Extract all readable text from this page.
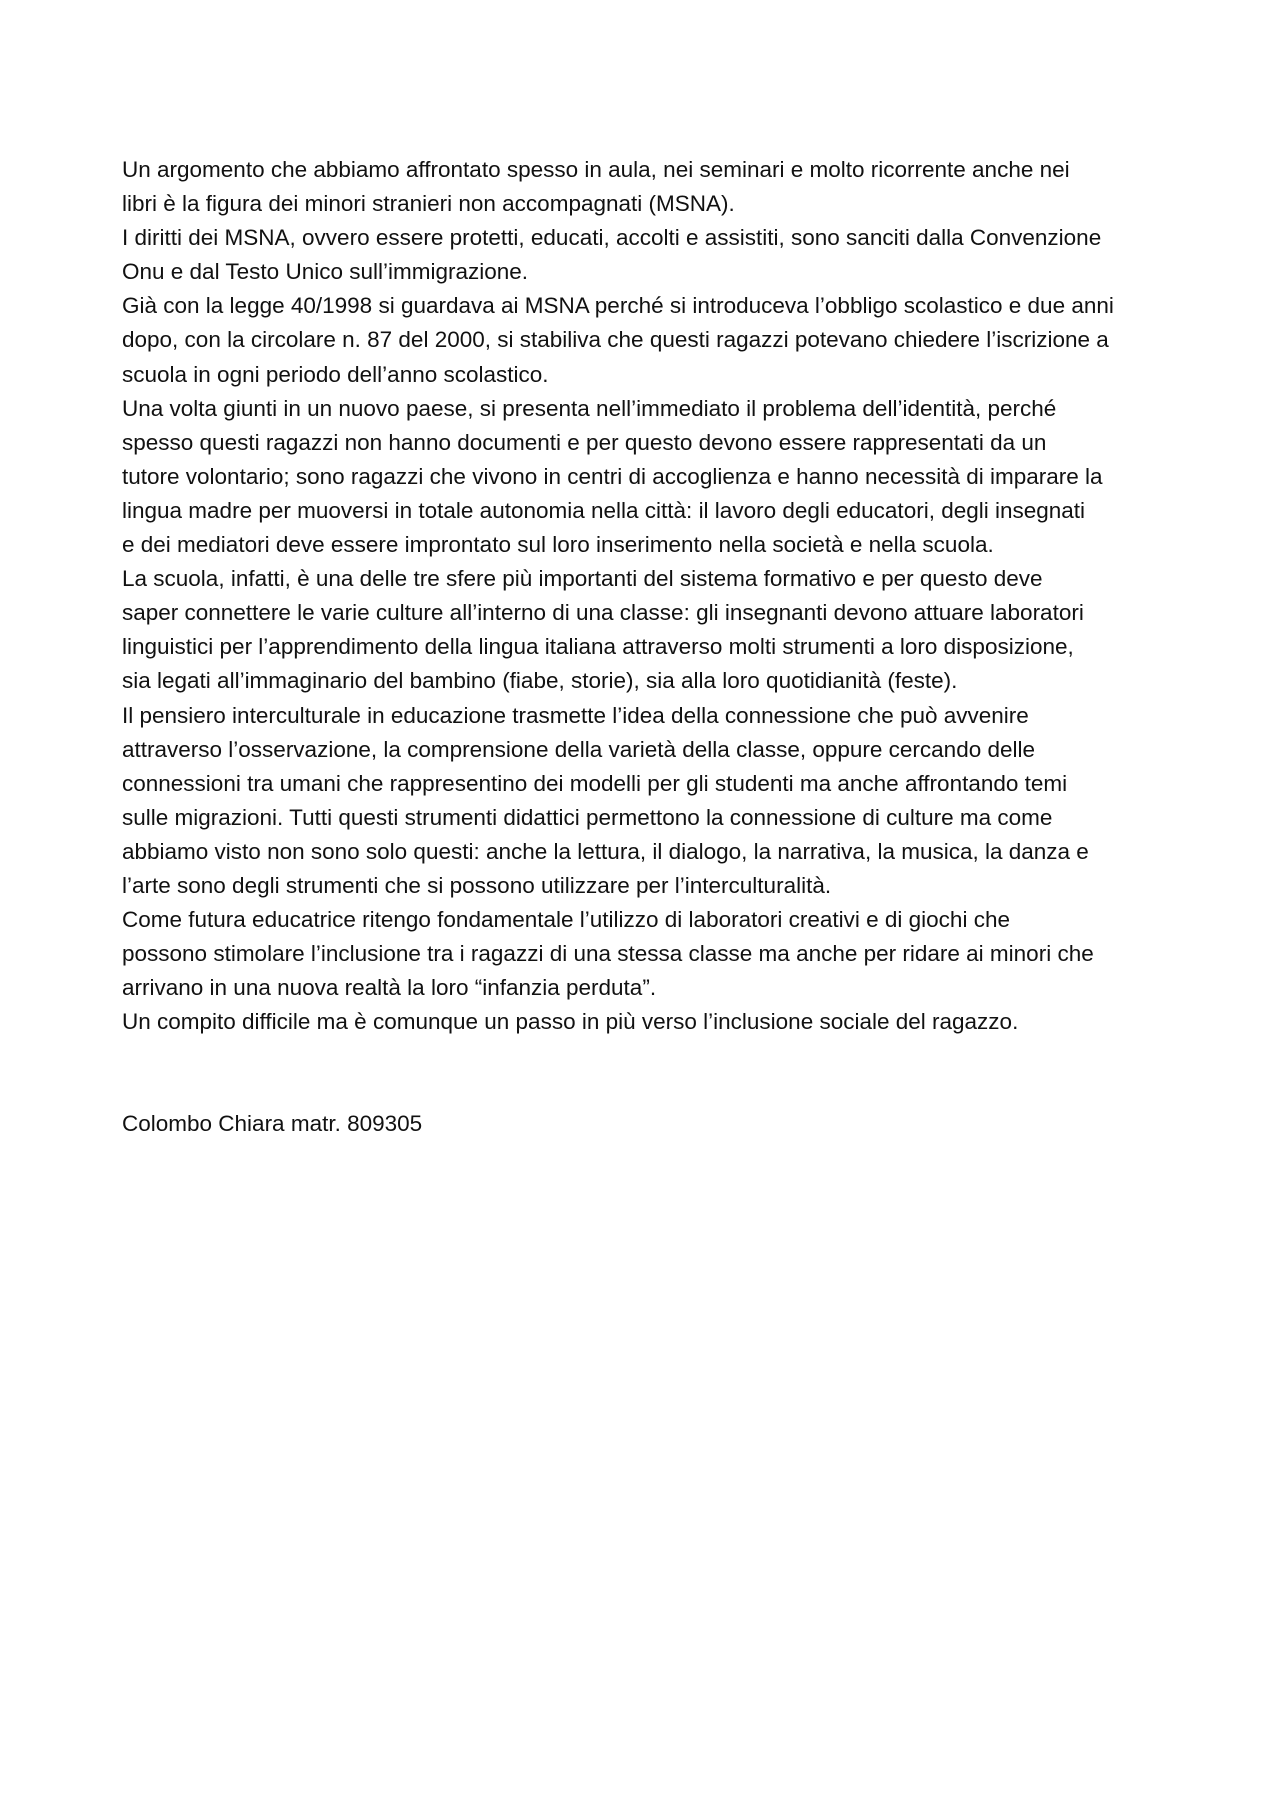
Un argomento che abbiamo affrontato spesso in aula, nei seminari e molto ricorrente anche nei
libri è la figura dei minori stranieri non accompagnati (MSNA).
I diritti dei MSNA, ovvero essere protetti, educati, accolti e assistiti, sono sanciti dalla Convenzione
Onu e dal Testo Unico sull’immigrazione.
Già con la legge 40/1998 si guardava ai MSNA perché si introduceva l’obbligo scolastico e due anni
dopo, con la circolare n. 87 del 2000, si stabiliva che questi ragazzi potevano chiedere l’iscrizione a
scuola in ogni periodo dell’anno scolastico.
Una volta giunti in un nuovo paese, si presenta nell’immediato il problema dell’identità, perché
spesso questi ragazzi non hanno documenti e per questo devono essere rappresentati da un
tutore volontario; sono ragazzi che vivono in centri di accoglienza e hanno necessità di imparare la
lingua madre per muoversi in totale autonomia nella città: il lavoro degli educatori, degli insegnati
e dei mediatori deve essere improntato sul loro inserimento nella società e nella scuola.
La scuola, infatti, è una delle tre sfere più importanti del sistema formativo e per questo deve
saper connettere le varie culture all’interno di una classe: gli insegnanti devono attuare laboratori
linguistici per l’apprendimento della lingua italiana attraverso molti strumenti a loro disposizione,
sia legati all’immaginario del bambino (fiabe, storie), sia alla loro quotidianità (feste).
Il pensiero interculturale in educazione trasmette l’idea della connessione che può avvenire
attraverso l’osservazione, la comprensione della varietà della classe, oppure cercando delle
connessioni tra umani che rappresentino dei modelli per gli studenti ma anche affrontando temi
sulle migrazioni. Tutti questi strumenti didattici permettono la connessione di culture ma come
abbiamo visto non sono solo questi: anche la lettura, il dialogo, la narrativa, la musica, la danza e
l’arte sono degli strumenti che si possono utilizzare per l’interculturalità.
Come futura educatrice ritengo fondamentale l’utilizzo di laboratori creativi e di giochi che
possono stimolare l’inclusione tra i ragazzi di una stessa classe ma anche per ridare ai minori che
arrivano in una nuova realtà la loro “infanzia perduta”.
Un compito difficile ma è comunque un passo in più verso l’inclusione sociale del ragazzo.
Colombo Chiara matr. 809305
